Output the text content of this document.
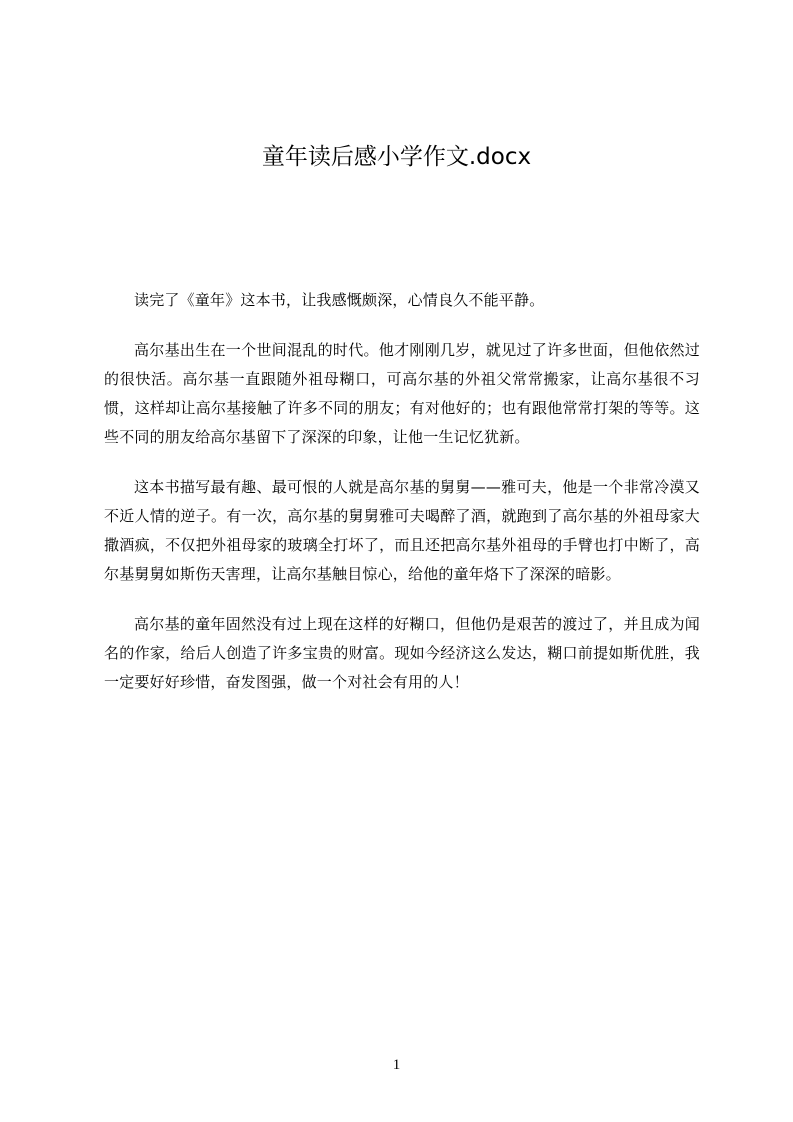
童年读后感小学作文.docx

读完了《童年》这本书，让我感慨颇深，心情良久不能平静。

高尔基出生在一个世间混乱的时代。他才刚刚几岁，就见过了许多世面，但他依然过的很快活。高尔基一直跟随外祖母糊口，可高尔基的外祖父常常搬家，让高尔基很不习惯，这样却让高尔基接触了许多不同的朋友；有对他好的；也有跟他常常打架的等等。这些不同的朋友给高尔基留下了深深的印象，让他一生记忆犹新。

这本书描写最有趣、最可恨的人就是高尔基的舅舅——雅可夫，他是一个非常冷漠又不近人情的逆子。有一次，高尔基的舅舅雅可夫喝醉了酒，就跑到了高尔基的外祖母家大撒酒疯，不仅把外祖母家的玻璃全打坏了，而且还把高尔基外祖母的手臂也打中断了，高尔基舅舅如斯伤天害理，让高尔基触目惊心，给他的童年烙下了深深的暗影。

高尔基的童年固然没有过上现在这样的好糊口，但他仍是艰苦的渡过了，并且成为闻名的作家，给后人创造了许多宝贵的财富。现如今经济这么发达，糊口前提如斯优胜，我一定要好好珍惜，奋发图强，做一个对社会有用的人！

1
